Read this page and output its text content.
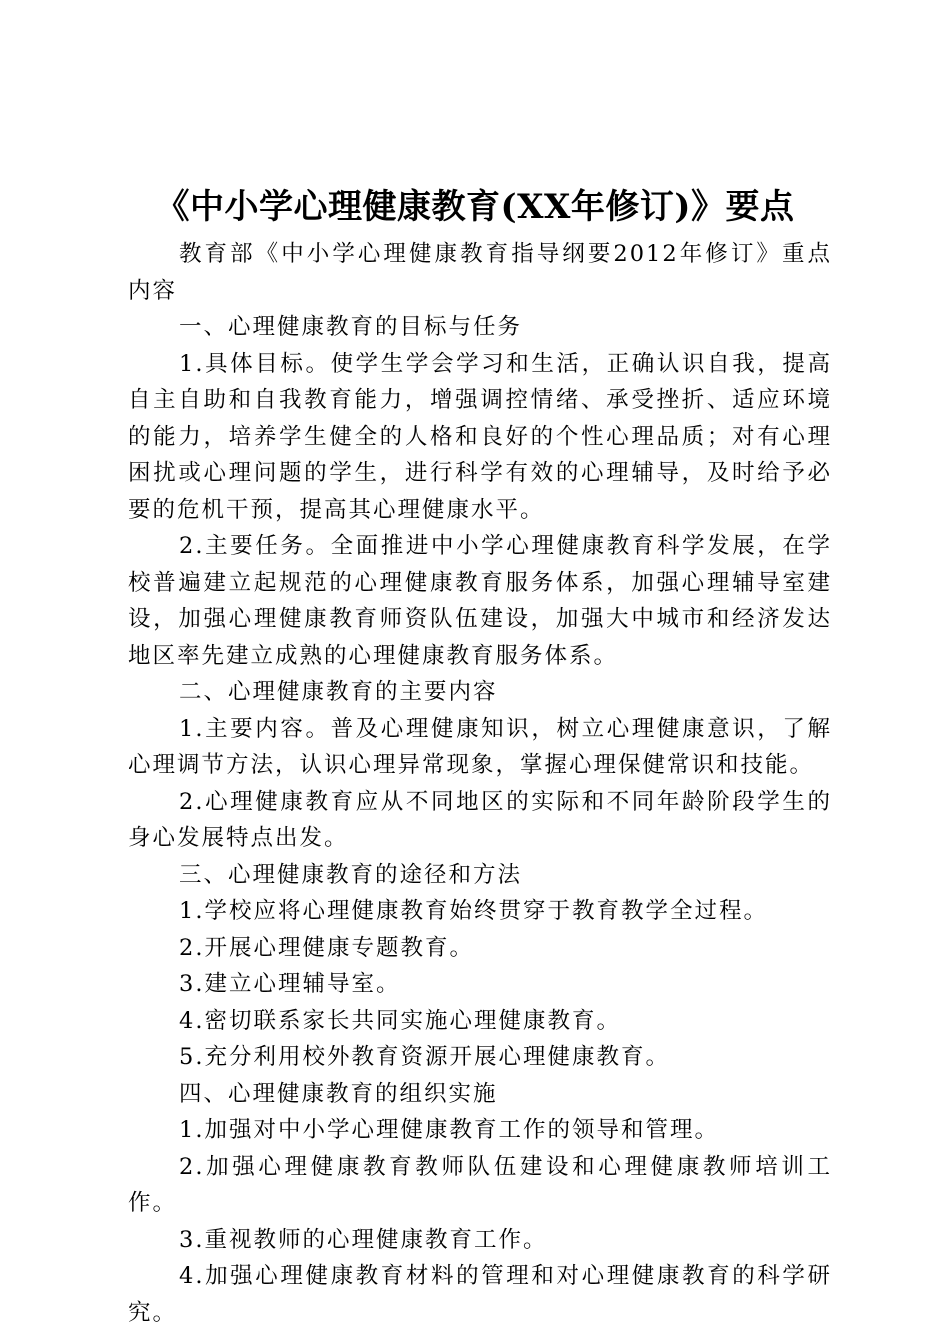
《中小学心理健康教育(XX年修订)》要点

教育部《中小学心理健康教育指导纲要2012年修订》重点内容

一、心理健康教育的目标与任务

1.具体目标。使学生学会学习和生活，正确认识自我，提高自主自助和自我教育能力，增强调控情绪、承受挫折、适应环境的能力，培养学生健全的人格和良好的个性心理品质；对有心理困扰或心理问题的学生，进行科学有效的心理辅导，及时给予必要的危机干预，提高其心理健康水平。

2.主要任务。全面推进中小学心理健康教育科学发展，在学校普遍建立起规范的心理健康教育服务体系，加强心理辅导室建设，加强心理健康教育师资队伍建设，加强大中城市和经济发达地区率先建立成熟的心理健康教育服务体系。

二、心理健康教育的主要内容

1.主要内容。普及心理健康知识，树立心理健康意识，了解心理调节方法，认识心理异常现象，掌握心理保健常识和技能。

2.心理健康教育应从不同地区的实际和不同年龄阶段学生的身心发展特点出发。

三、心理健康教育的途径和方法

1.学校应将心理健康教育始终贯穿于教育教学全过程。

2.开展心理健康专题教育。

3.建立心理辅导室。

4.密切联系家长共同实施心理健康教育。

5.充分利用校外教育资源开展心理健康教育。

四、心理健康教育的组织实施

1.加强对中小学心理健康教育工作的领导和管理。

2.加强心理健康教育教师队伍建设和心理健康教师培训工作。

3.重视教师的心理健康教育工作。

4.加强心理健康教育材料的管理和对心理健康教育的科学研究。
